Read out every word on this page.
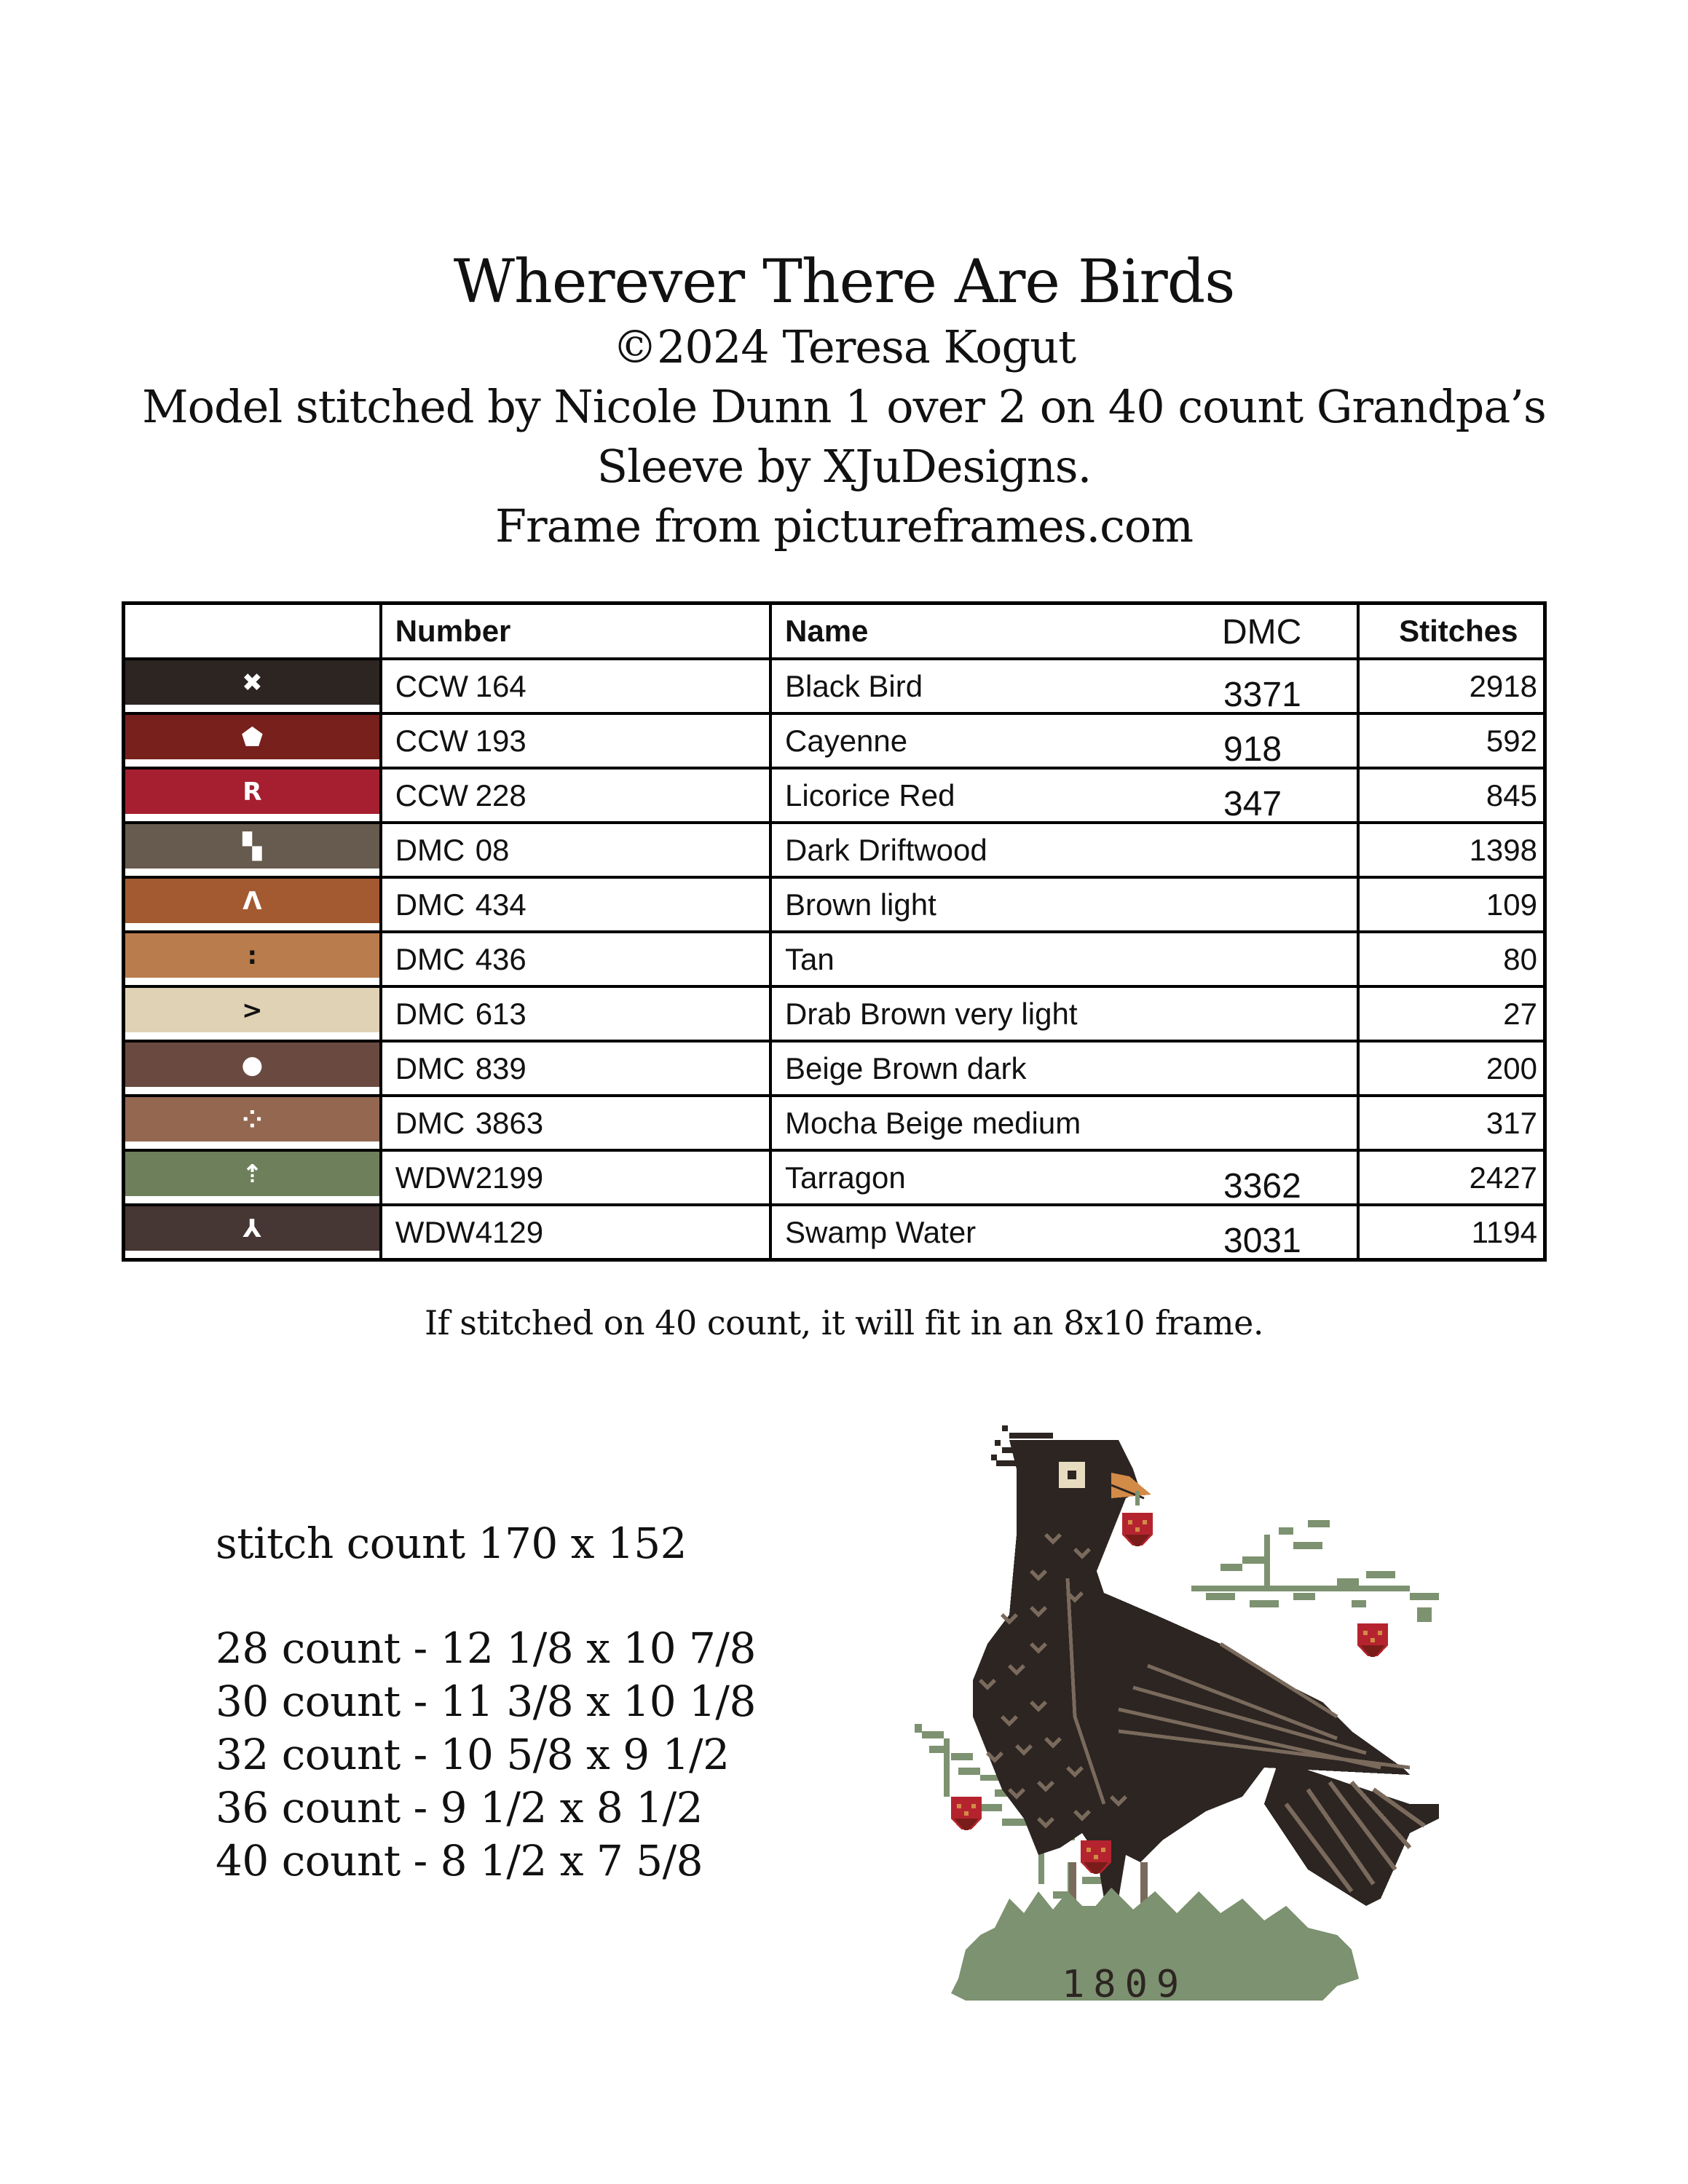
Wherever There Are Birds
©2024 Teresa Kogut
Model stitched by Nicole Dunn 1 over 2 on 40 count Grandpa’s
Sleeve by XJuDesigns.
Frame from pictureframes.com
	Number	Name DMC	Stitches

✖	CCW 164	Black Bird 3371	2918

⬟	CCW 193	Cayenne 918	592

R	CCW 228	Licorice Red 347	845

▚	DMC 08	Dark Driftwood	1398

Λ	DMC 434	Brown light	109

:	DMC 436	Tan	80

>	DMC 613	Drab Brown very light	27

●	DMC 839	Beige Brown dark	200

⁘	DMC 3863	Mocha Beige medium	317

⇡	WDW2199	Tarragon 3362	2427

⅄	WDW4129	Swamp Water 3031	1194
If stitched on 40 count, it will fit in an 8x10 frame.
stitch count 170 x 152
28 count - 12 1/8 x 10 7/8
30 count - 11 3/8 x 10 1/8
32 count - 10 5/8 x 9 1/2
36 count - 9 1/2 x 8 1/2
40 count - 8 1/2 x 7 5/8
1809
